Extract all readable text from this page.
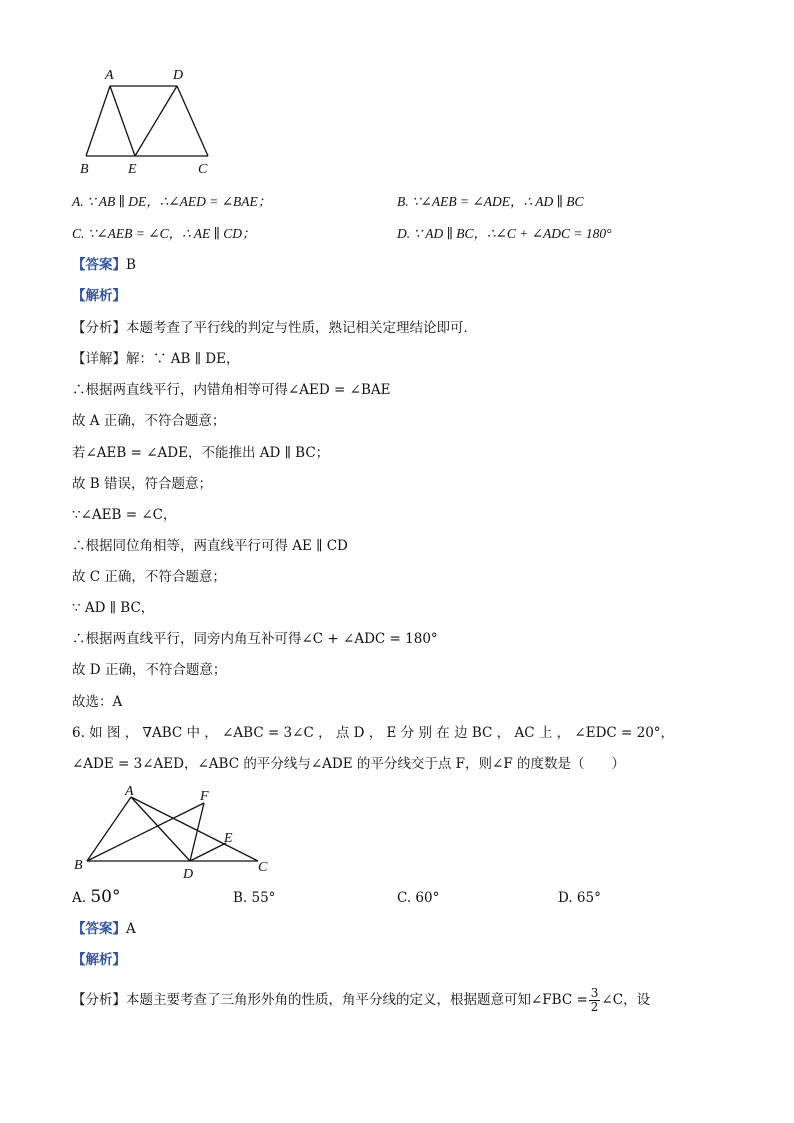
A	D
B	E	C
A	F
E
B
D	C
A. ∵ AB ∥ DE，∴∠AED = ∠BAE；	B. ∵∠AEB = ∠ADE，∴ AD ∥ BC
C. ∵∠AEB = ∠C，∴ AE ∥ CD；	D. ∵ AD ∥ BC，∴∠C + ∠ADC = 180°
【答案】B
【解析】
【分析】本题考查了平行线的判定与性质，熟记相关定理结论即可．
【详解】解：∵ AB ∥ DE，
∴根据两直线平行，内错角相等可得∠AED = ∠BAE
故 A 正确，不符合题意；
若∠AEB = ∠ADE，不能推出 AD ∥ BC；
故 B 错误，符合题意；
∵∠AEB = ∠C，
∴根据同位角相等，两直线平行可得 AE ∥ CD
故 C 正确，不符合题意；
∵ AD ∥ BC，
∴根据两直线平行，同旁内角互补可得∠C + ∠ADC = 180°
故 D 正确，不符合题意；
故选：A
6. 如 图 ， ∇ABC 中 ， ∠ABC = 3∠C ， 点 D ， E 分 别 在 边 BC ， AC 上 ， ∠EDC = 20°，
∠ADE = 3∠AED，∠ABC 的平分线与∠ADE 的平分线交于点 F，则∠F 的度数是（　　）
A. 50°	B. 55°	C. 60°	D. 65°
【答案】A
【解析】
【分析】本题主要考查了三角形外角的性质，角平分线的定义，根据题意可知∠FBC = $\frac{3}{2}$ ∠C，设
